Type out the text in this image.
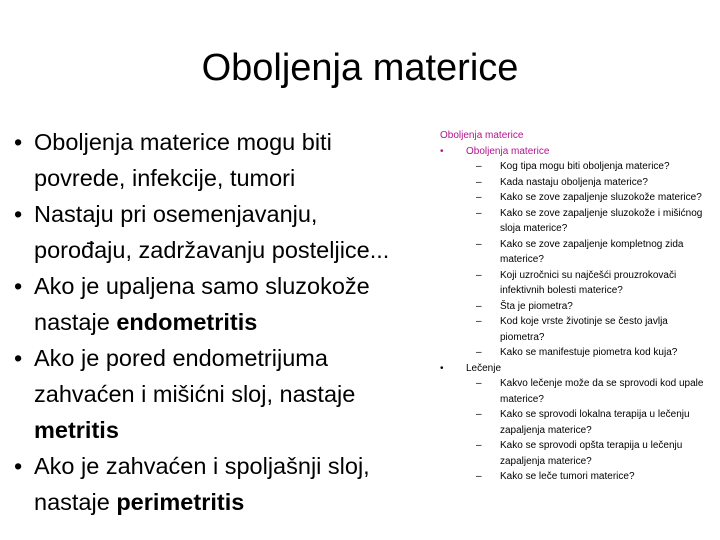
Oboljenja materice
• Oboljenja materice mogu biti povrede, infekcije, tumori
• Nastaju pri osemenjavanju, porođaju, zadržavanju posteljice...
• Ako je upaljena samo sluzokože nastaje endometritis
• Ako je pored endometrijuma zahvaćen i mišićni sloj, nastaje metritis
• Ako je zahvaćen i spoljašnji sloj, nastaje perimetritis
Oboljenja materice
• Oboljenja materice
– Kog tipa mogu biti oboljenja materice?
– Kada nastaju oboljenja materice?
– Kako se zove zapaljenje sluzokože materice?
– Kako se zove zapaljenje sluzokože i mišićnog sloja materice?
– Kako se zove zapaljenje kompletnog zida materice?
– Koji uzročnici su najčešći prouzrokovači infektivnih bolesti materice?
– Šta je piometra?
– Kod koje vrste životinje se često javlja piometra?
– Kako se manifestuje piometra kod kuja?
• Lečenje
– Kakvo lečenje može da se sprovodi kod upale materice?
– Kako se sprovodi lokalna terapija u lečenju zapaljenja materice?
– Kako se sprovodi opšta terapija u lečenju zapaljenja materice?
– Kako se leče tumori materice?
